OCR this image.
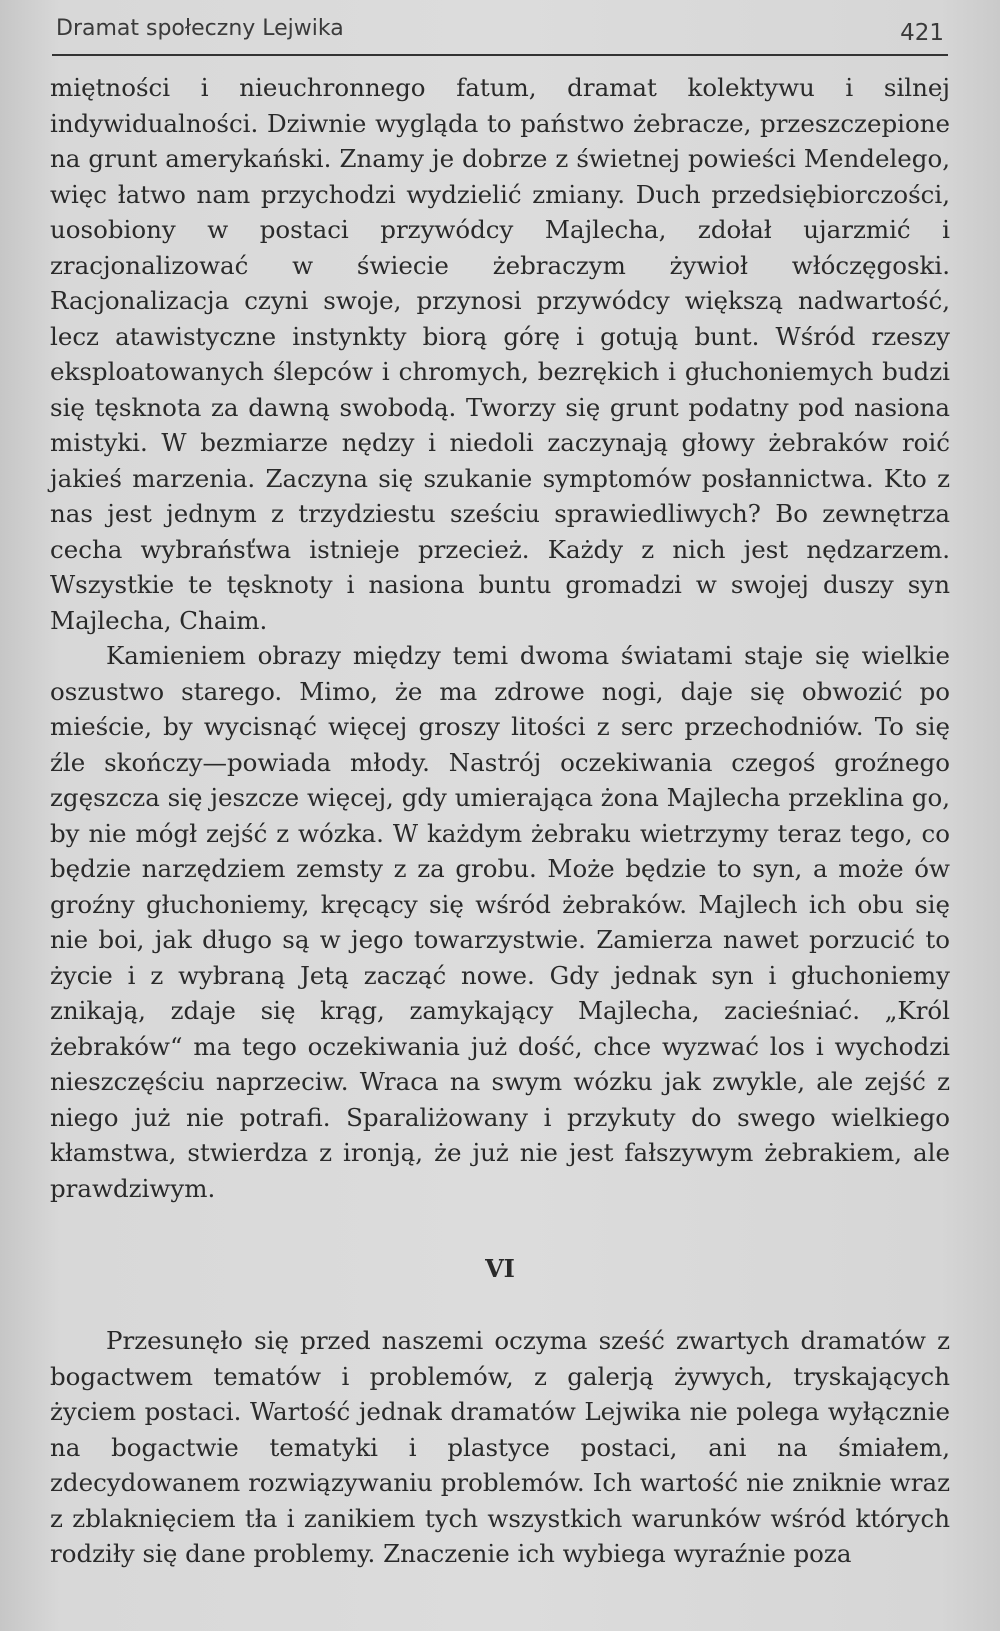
Dramat społeczny Lejwika	421

miętności i nieuchronnego fatum, dramat kolektywu i silnej indywidualności. Dziwnie wygląda to państwo żebracze, przeszczepione na grunt amerykański. Znamy je dobrze z świetnej powieści Mendelego, więc łatwo nam przychodzi wydzielić zmiany. Duch przedsiębiorczości, uosobiony w postaci przywódcy Majlecha, zdołał ujarzmić i zracjonalizować w świecie żebraczym żywioł włóczęgoski. Racjonalizacja czyni swoje, przynosi przywódcy większą nadwartość, lecz atawistyczne instynkty biorą górę i gotują bunt. Wśród rzeszy eksploatowanych ślepców i chromych, bezrękich i głuchoniemych budzi się tęsknota za dawną swobodą. Tworzy się grunt podatny pod nasiona mistyki. W bezmiarze nędzy i niedoli zaczynają głowy żebraków roić jakieś marzenia. Zaczyna się szukanie symptomów posłannictwa. Kto z nas jest jednym z trzydziestu sześciu sprawiedliwych? Bo zewnętrza cecha wybrańsťwa istnieje przecież. Każdy z nich jest nędzarzem. Wszystkie te tęsknoty i nasiona buntu gromadzi w swojej duszy syn Majlecha, Chaim.

Kamieniem obrazy między temi dwoma światami staje się wielkie oszustwo starego. Mimo, że ma zdrowe nogi, daje się obwozić po mieście, by wycisnąć więcej groszy litości z serc przechodniów. To się źle skończy—powiada młody. Nastrój oczekiwania czegoś groźnego zgęszcza się jeszcze więcej, gdy umierająca żona Majlecha przeklina go, by nie mógł zejść z wózka. W każdym żebraku wietrzymy teraz tego, co będzie narzędziem zemsty z za grobu. Może będzie to syn, a może ów groźny głuchoniemy, kręcący się wśród żebraków. Majlech ich obu się nie boi, jak długo są w jego towarzystwie. Zamierza nawet porzucić to życie i z wybraną Jetą zacząć nowe. Gdy jednak syn i głuchoniemy znikają, zdaje się krąg, zamykający Majlecha, zacieśniać. „Król żebraków“ ma tego oczekiwania już dość, chce wyzwać los i wychodzi nieszczęściu naprzeciw. Wraca na swym wózku jak zwykle, ale zejść z niego już nie potrafi. Sparaliżowany i przykuty do swego wielkiego kłamstwa, stwierdza z ironją, że już nie jest fałszywym żebrakiem, ale prawdziwym.

VI

Przesunęło się przed naszemi oczyma sześć zwartych dramatów z bogactwem tematów i problemów, z galerją żywych, tryskających życiem postaci. Wartość jednak dramatów Lejwika nie polega wyłącznie na bogactwie tematyki i plastyce postaci, ani na śmiałem, zdecydowanem rozwiązywaniu problemów. Ich wartość nie zniknie wraz z zblaknięciem tła i zanikiem tych wszystkich warunków wśród których rodziły się dane problemy. Znaczenie ich wybiega wyraźnie poza
